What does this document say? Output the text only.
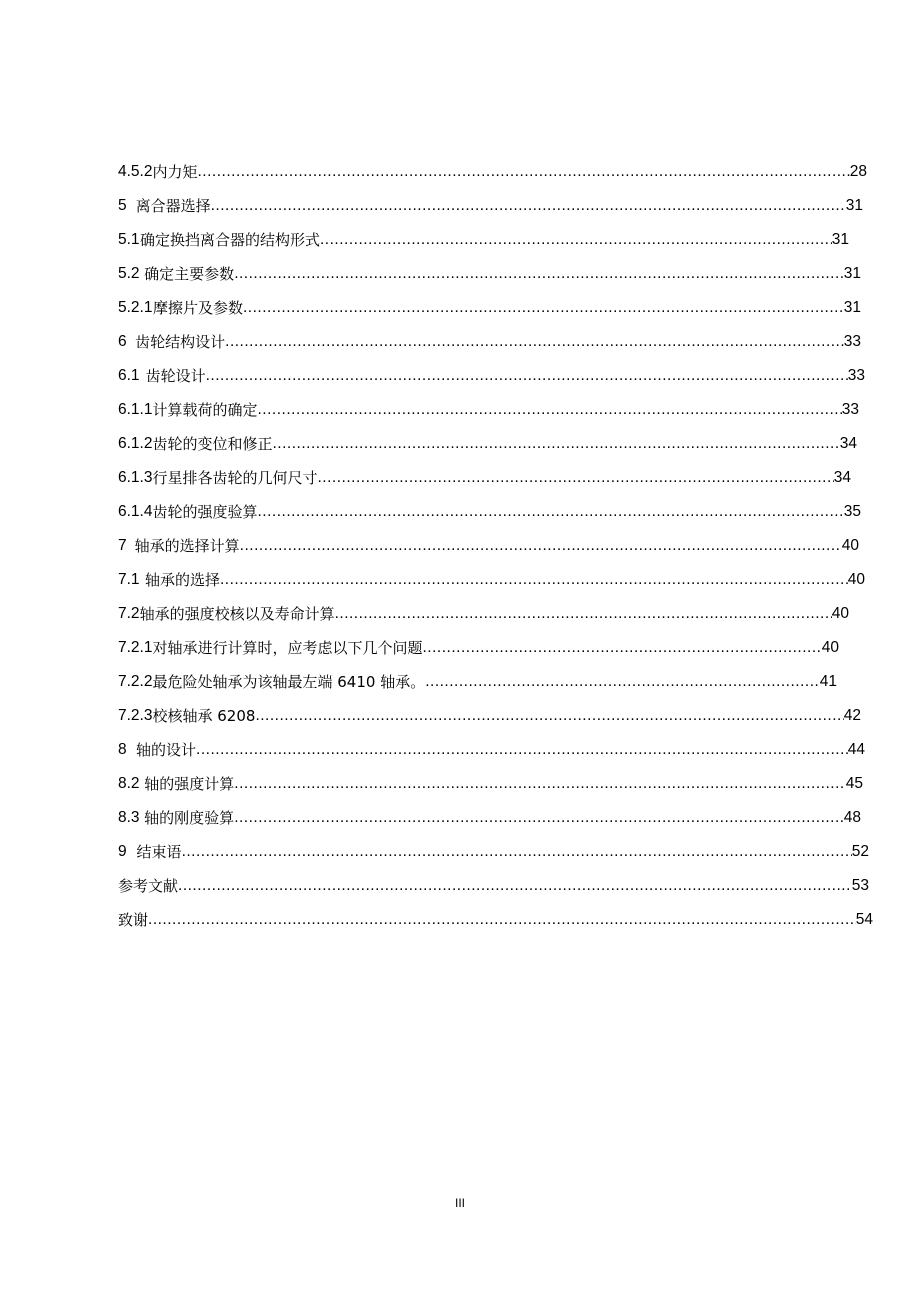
4.5.2 内力矩 .....	28
5 离合器选择 .....	31
5.1 确定换挡离合器的结构形式 .....	31
5.2 确定主要参数 .....	31
5.2.1 摩擦片及参数 .....	31
6 齿轮结构设计 .....	33
6.1 齿轮设计 .....	33
6.1.1 计算载荷的确定 .....	33
6.1.2 齿轮的变位和修正 .....	34
6.1.3 行星排各齿轮的几何尺寸 .....	34
6.1.4 齿轮的强度验算 .....	35
7 轴承的选择计算 .....	40
7.1 轴承的选择 .....	40
7.2 轴承的强度校核以及寿命计算 .....	40
7.2.1 对轴承进行计算时，应考虑以下几个问题 .....	40
7.2.2 最危险处轴承为该轴最左端 6410 轴承。 .....	41
7.2.3 校核轴承 6208 .....	42
8 轴的设计 .....	44
8.2 轴的强度计算 .....	45
8.3 轴的刚度验算 .....	48
9 结束语 .....	52
参考文献 .....	53
致谢 .....	54
III
